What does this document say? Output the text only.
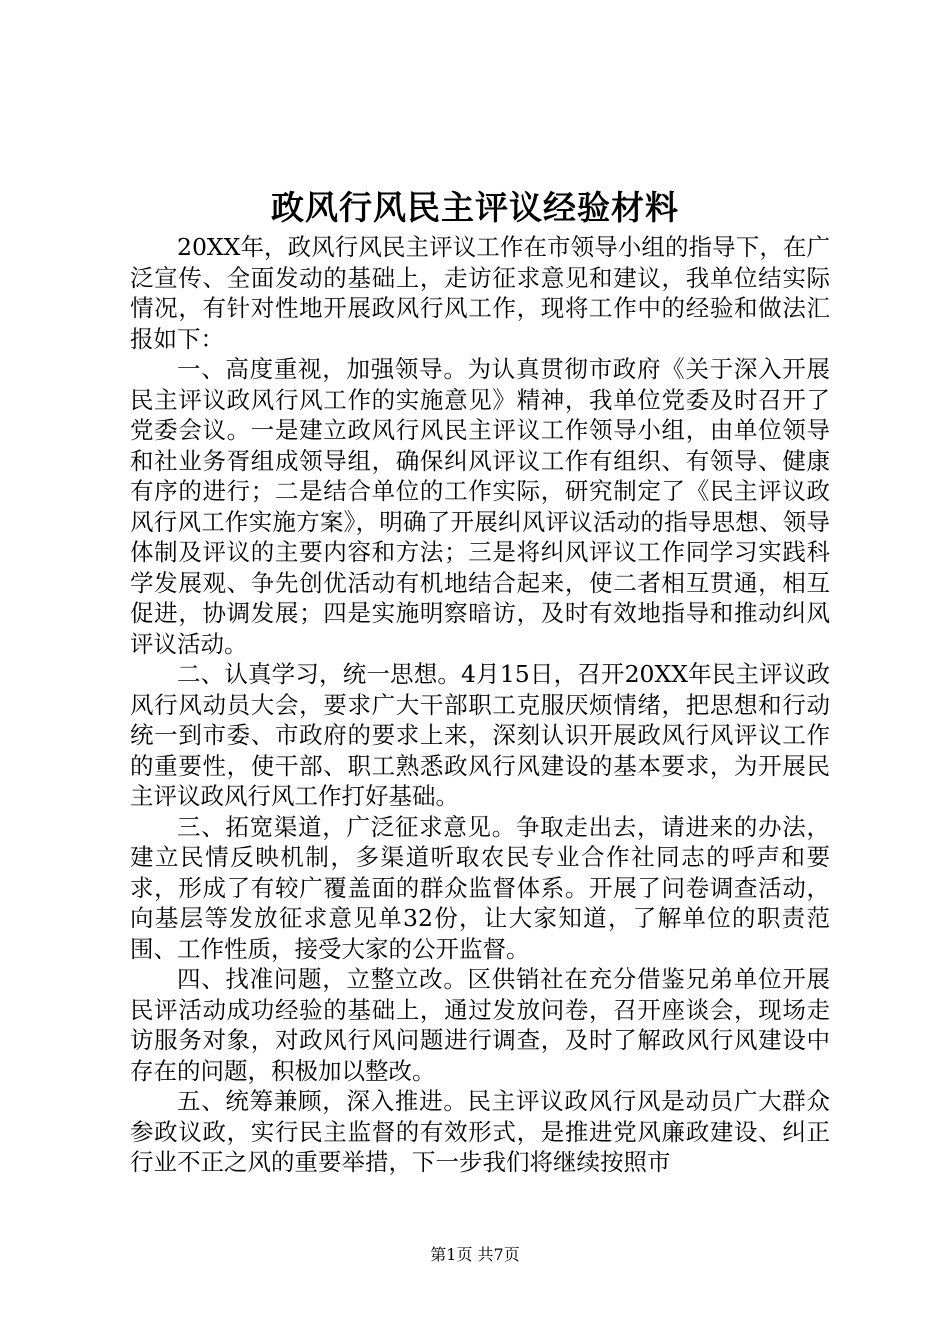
政风行风民主评议经验材料

20XX年，政风行风民主评议工作在市领导小组的指导下，在广泛宣传、全面发动的基础上，走访征求意见和建议，我单位结实际情况，有针对性地开展政风行风工作，现将工作中的经验和做法汇报如下：

一、高度重视，加强领导。为认真贯彻市政府《关于深入开展民主评议政风行风工作的实施意见》精神，我单位党委及时召开了党委会议。一是建立政风行风民主评议工作领导小组，由单位领导和社业务胥组成领导组，确保纠风评议工作有组织、有领导、健康有序的进行；二是结合单位的工作实际，研究制定了《民主评议政风行风工作实施方案》，明确了开展纠风评议活动的指导思想、领导体制及评议的主要内容和方法；三是将纠风评议工作同学习实践科学发展观、争先创优活动有机地结合起来，使二者相互贯通，相互促进，协调发展；四是实施明察暗访，及时有效地指导和推动纠风评议活动。

二、认真学习，统一思想。4月15日，召开20XX年民主评议政风行风动员大会，要求广大干部职工克服厌烦情绪，把思想和行动统一到市委、市政府的要求上来，深刻认识开展政风行风评议工作的重要性，使干部、职工熟悉政风行风建设的基本要求，为开展民主评议政风行风工作打好基础。

三、拓宽渠道，广泛征求意见。争取走出去，请进来的办法，建立民情反映机制，多渠道听取农民专业合作社同志的呼声和要求，形成了有较广覆盖面的群众监督体系。开展了问卷调查活动，向基层等发放征求意见单32份，让大家知道，了解单位的职责范围、工作性质，接受大家的公开监督。

四、找准问题，立整立改。区供销社在充分借鉴兄弟单位开展民评活动成功经验的基础上，通过发放问卷，召开座谈会，现场走访服务对象，对政风行风问题进行调查，及时了解政风行风建设中存在的问题，积极加以整改。

五、统筹兼顾，深入推进。民主评议政风行风是动员广大群众参政议政，实行民主监督的有效形式，是推进党风廉政建设、纠正行业不正之风的重要举措，下一步我们将继续按照市

第1页 共7页
